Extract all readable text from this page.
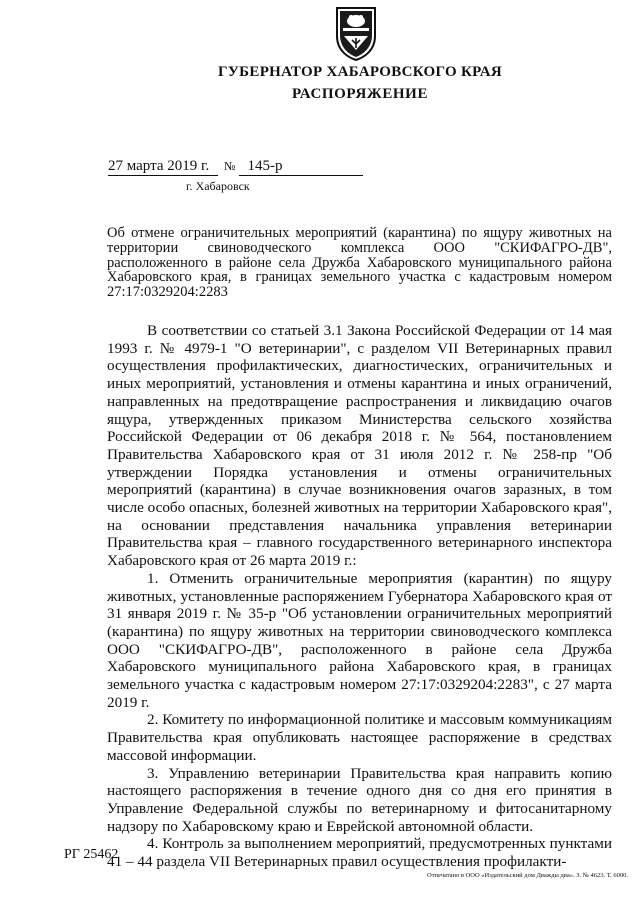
ГУБЕРНАТОР ХАБАРОВСКОГО КРАЯ
РАСПОРЯЖЕНИЕ
27 марта 2019 г. № 145-р
г. Хабаровск

Об отмене ограничительных мероприятий (карантина) по ящуру животных на территории свиноводческого комплекса ООО "СКИФАГРО-ДВ", расположенного в районе села Дружба Хабаровского муниципального района Хабаровского края, в границах земельного участка с кадастровым номером 27:17:0329204:2283

В соответствии со статьей 3.1 Закона Российской Федерации от 14 мая 1993 г. № 4979-1 "О ветеринарии", с разделом VII Ветеринарных правил осуществления профилактических, диагностических, ограничительных и иных мероприятий, установления и отмены карантина и иных ограничений, направленных на предотвращение распространения и ликвидацию очагов ящура, утвержденных приказом Министерства сельского хозяйства Российской Федерации от 06 декабря 2018 г. № 564, постановлением Правительства Хабаровского края от 31 июля 2012 г. № 258-пр "Об утверждении Порядка установления и отмены ограничительных мероприятий (карантина) в случае возникновения очагов заразных, в том числе особо опасных, болезней животных на территории Хабаровского края", на основании представления начальника управления ветеринарии Правительства края – главного государственного ветеринарного инспектора Хабаровского края от 26 марта 2019 г.:

1. Отменить ограничительные мероприятия (карантин) по ящуру животных, установленные распоряжением Губернатора Хабаровского края от 31 января 2019 г. № 35-р "Об установлении ограничительных мероприятий (карантина) по ящуру животных на территории свиноводческого комплекса ООО "СКИФАГРО-ДВ", расположенного в районе села Дружба Хабаровского муниципального района Хабаровского края, в границах земельного участка с кадастровым номером 27:17:0329204:2283", с 27 марта 2019 г.

2. Комитету по информационной политике и массовым коммуникациям Правительства края опубликовать настоящее распоряжение в средствах массовой информации.

3. Управлению ветеринарии Правительства края направить копию настоящего распоряжения в течение одного дня со дня его принятия в Управление Федеральной службы по ветеринарному и фитосанитарному надзору по Хабаровскому краю и Еврейской автономной области.

4. Контроль за выполнением мероприятий, предусмотренных пунктами 41 – 44 раздела VII Ветеринарных правил осуществления профилакти-

РГ 25462
Отпечатано в ООО «Издательский дом Дважды два». З. № 4623. Т. 6000.
